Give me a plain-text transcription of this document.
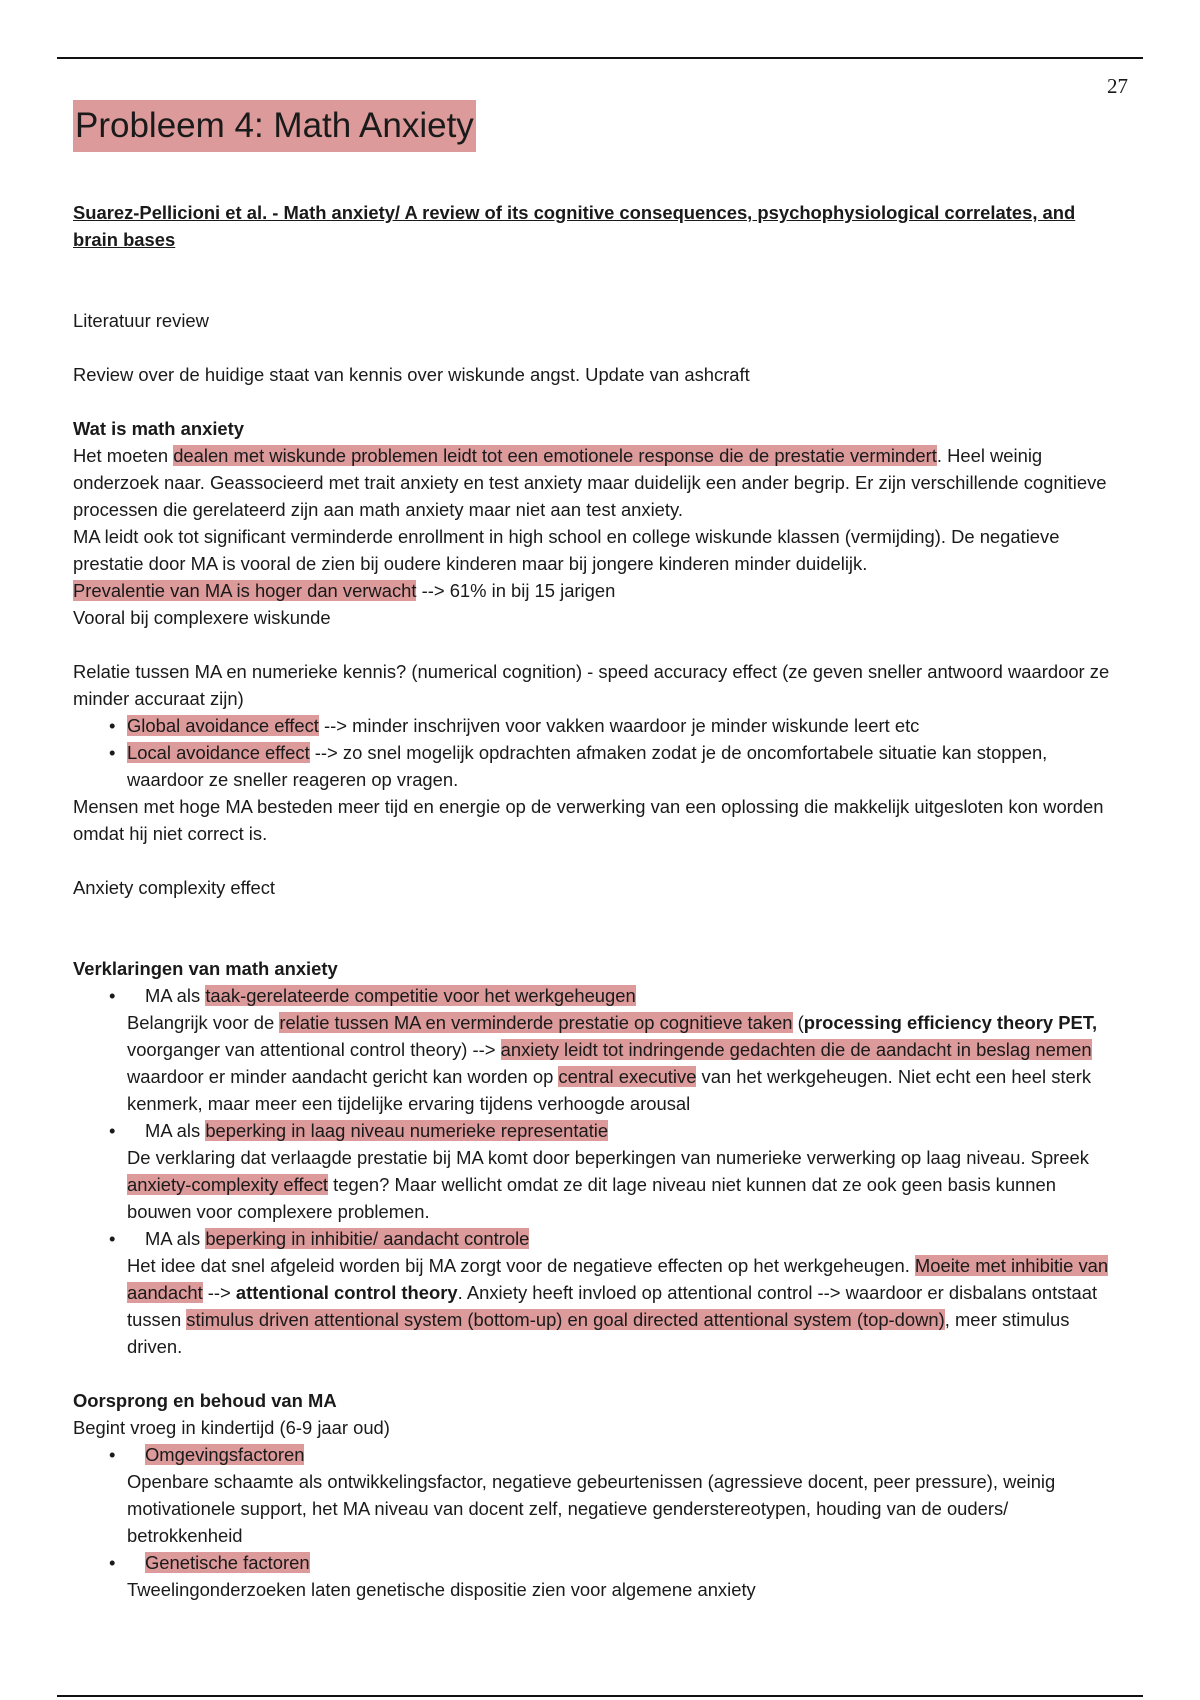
27
Probleem 4: Math Anxiety

Suarez-Pellicioni et al. - Math anxiety/ A review of its cognitive consequences, psychophysiological correlates, and brain bases

Literatuur review

Review over de huidige staat van kennis over wiskunde angst. Update van ashcraft

Wat is math anxiety

Het moeten dealen met wiskunde problemen leidt tot een emotionele response die de prestatie vermindert. Heel weinig onderzoek naar. Geassocieerd met trait anxiety en test anxiety maar duidelijk een ander begrip. Er zijn verschillende cognitieve processen die gerelateerd zijn aan math anxiety maar niet aan test anxiety.

MA leidt ook tot significant verminderde enrollment in high school en college wiskunde klassen (vermijding). De negatieve prestatie door MA is vooral de zien bij oudere kinderen maar bij jongere kinderen minder duidelijk.

Prevalentie van MA is hoger dan verwacht --> 61% in bij 15 jarigen

Vooral bij complexere wiskunde

Relatie tussen MA en numerieke kennis? (numerical cognition) - speed accuracy effect (ze geven sneller antwoord waardoor ze minder accuraat zijn)

• Global avoidance effect --> minder inschrijven voor vakken waardoor je minder wiskunde leert etc
• Local avoidance effect --> zo snel mogelijk opdrachten afmaken zodat je de oncomfortabele situatie kan stoppen, waardoor ze sneller reageren op vragen.

Mensen met hoge MA besteden meer tijd en energie op de verwerking van een oplossing die makkelijk uitgesloten kon worden omdat hij niet correct is.

Anxiety complexity effect

Verklaringen van math anxiety

• MA als taak-gerelateerde competitie voor het werkgeheugen
Belangrijk voor de relatie tussen MA en verminderde prestatie op cognitieve taken (processing efficiency theory PET, voorganger van attentional control theory) --> anxiety leidt tot indringende gedachten die de aandacht in beslag nemen waardoor er minder aandacht gericht kan worden op central executive van het werkgeheugen. Niet echt een heel sterk kenmerk, maar meer een tijdelijke ervaring tijdens verhoogde arousal
• MA als beperking in laag niveau numerieke representatie
De verklaring dat verlaagde prestatie bij MA komt door beperkingen van numerieke verwerking op laag niveau. Spreek anxiety-complexity effect tegen? Maar wellicht omdat ze dit lage niveau niet kunnen dat ze ook geen basis kunnen bouwen voor complexere problemen.
• MA als beperking in inhibitie/ aandacht controle
Het idee dat snel afgeleid worden bij MA zorgt voor de negatieve effecten op het werkgeheugen. Moeite met inhibitie van aandacht --> attentional control theory. Anxiety heeft invloed op attentional control --> waardoor er disbalans ontstaat tussen stimulus driven attentional system (bottom-up) en goal directed attentional system (top-down), meer stimulus driven.

Oorsprong en behoud van MA

Begint vroeg in kindertijd (6-9 jaar oud)

• Omgevingsfactoren
Openbare schaamte als ontwikkelingsfactor, negatieve gebeurtenissen (agressieve docent, peer pressure), weinig motivationele support, het MA niveau van docent zelf, negatieve genderstereotypen, houding van de ouders/ betrokkenheid
• Genetische factoren
Tweelingonderzoeken laten genetische dispositie zien voor algemene anxiety
